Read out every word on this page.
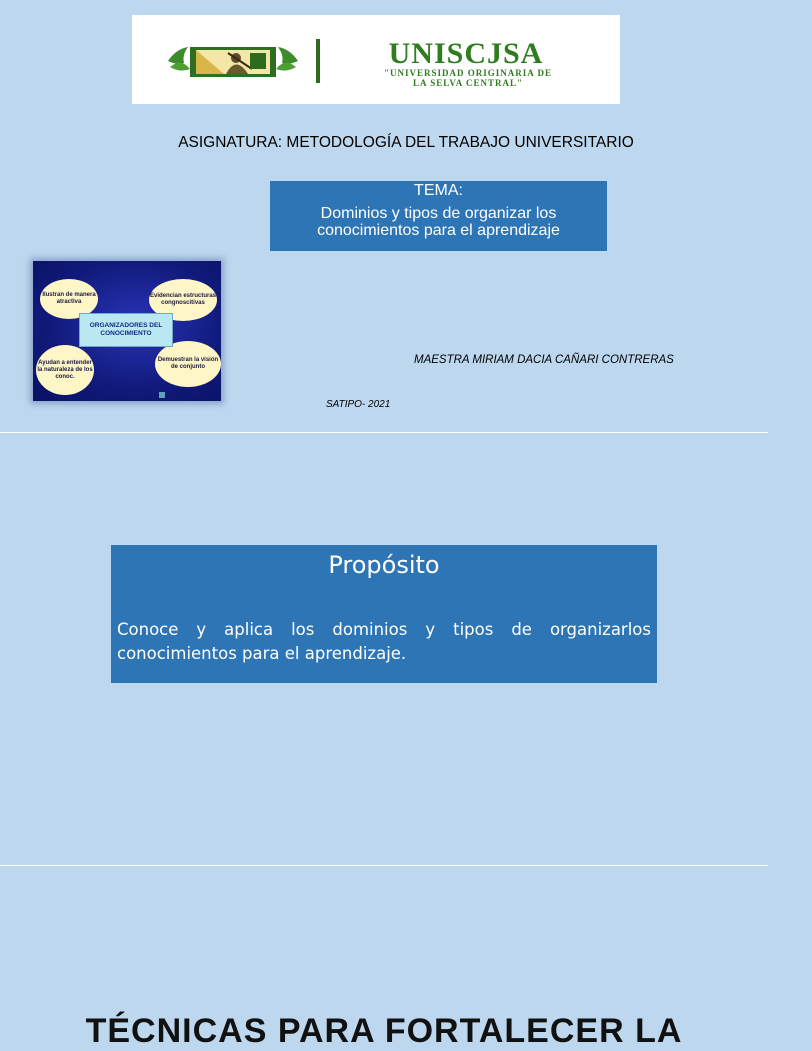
UNISCJSA
"UNIVERSIDAD ORIGINARIA DE
LA SELVA CENTRAL"
ASIGNATURA: METODOLOGÍA DEL TRABAJO UNIVERSITARIO
TEMA:
Dominios y tipos de organizar los
conocimientos para el aprendizaje
Ilustran de manera atractiva
Evidencian estructuras congnoscitivas
Ayudan a entender la naturaleza de los conoc.
Demuestran la visión de conjunto
ORGANIZADORES DEL CONOCIMIENTO
MAESTRA MIRIAM DACIA CAÑARI CONTRERAS
SATIPO- 2021
Propósito
Conoce y aplica los dominios y tipos de organizarlos conocimientos para el aprendizaje.
TÉCNICAS PARA FORTALECER LA
